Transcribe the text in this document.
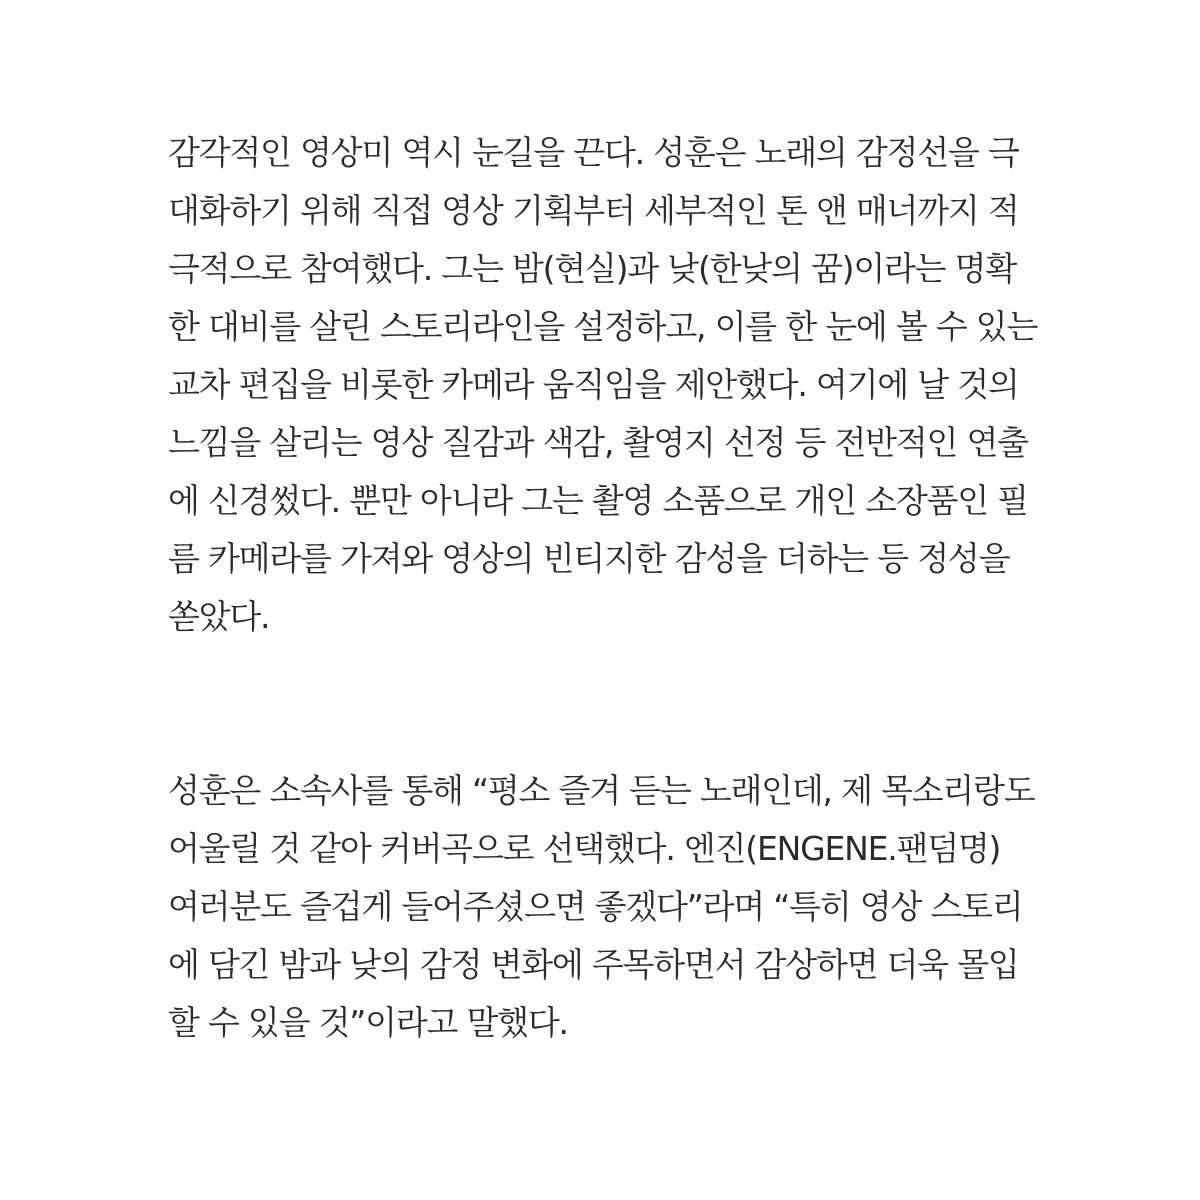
감각적인 영상미 역시 눈길을 끈다. 성훈은 노래의 감정선을 극
대화하기 위해 직접 영상 기획부터 세부적인 톤 앤 매너까지 적
극적으로 참여했다. 그는 밤(현실)과 낮(한낮의 꿈)이라는 명확
한 대비를 살린 스토리라인을 설정하고, 이를 한 눈에 볼 수 있는
교차 편집을 비롯한 카메라 움직임을 제안했다. 여기에 날 것의
느낌을 살리는 영상 질감과 색감, 촬영지 선정 등 전반적인 연출
에 신경썼다. 뿐만 아니라 그는 촬영 소품으로 개인 소장품인 필
름 카메라를 가져와 영상의 빈티지한 감성을 더하는 등 정성을
쏟았다.
성훈은 소속사를 통해 “평소 즐겨 듣는 노래인데, 제 목소리랑도
어울릴 것 같아 커버곡으로 선택했다. 엔진(ENGENE.팬덤명)
여러분도 즐겁게 들어주셨으면 좋겠다”라며 “특히 영상 스토리
에 담긴 밤과 낮의 감정 변화에 주목하면서 감상하면 더욱 몰입
할 수 있을 것”이라고 말했다.
